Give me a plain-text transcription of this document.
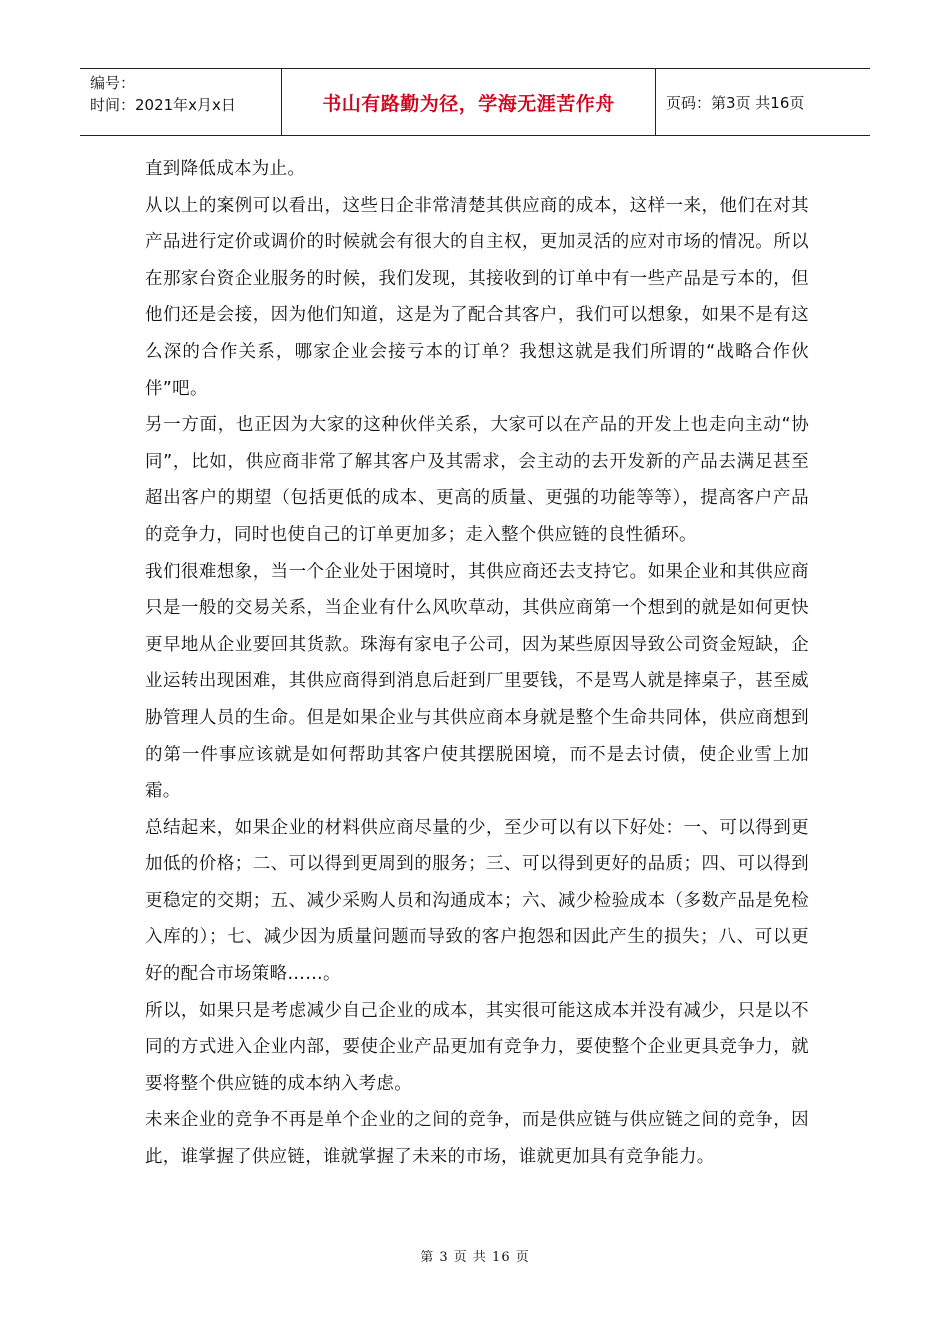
编号：
时间：2021年x月x日	书山有路勤为径，学海无涯苦作舟	页码：第3页 共16页

直到降低成本为止。

从以上的案例可以看出，这些日企非常清楚其供应商的成本，这样一来，他们在对其产品进行定价或调价的时候就会有很大的自主权，更加灵活的应对市场的情况。所以在那家台资企业服务的时候，我们发现，其接收到的订单中有一些产品是亏本的，但他们还是会接，因为他们知道，这是为了配合其客户，我们可以想象，如果不是有这么深的合作关系，哪家企业会接亏本的订单？我想这就是我们所谓的“战略合作伙伴”吧。

另一方面，也正因为大家的这种伙伴关系，大家可以在产品的开发上也走向主动“协同”，比如，供应商非常了解其客户及其需求，会主动的去开发新的产品去满足甚至超出客户的期望（包括更低的成本、更高的质量、更强的功能等等），提高客户产品的竞争力，同时也使自己的订单更加多；走入整个供应链的良性循环。

我们很难想象，当一个企业处于困境时，其供应商还去支持它。如果企业和其供应商只是一般的交易关系，当企业有什么风吹草动，其供应商第一个想到的就是如何更快更早地从企业要回其货款。珠海有家电子公司，因为某些原因导致公司资金短缺，企业运转出现困难，其供应商得到消息后赶到厂里要钱，不是骂人就是摔桌子，甚至威胁管理人员的生命。但是如果企业与其供应商本身就是整个生命共同体，供应商想到的第一件事应该就是如何帮助其客户使其摆脱困境，而不是去讨债，使企业雪上加霜。

总结起来，如果企业的材料供应商尽量的少，至少可以有以下好处：一、可以得到更加低的价格；二、可以得到更周到的服务；三、可以得到更好的品质；四、可以得到更稳定的交期；五、减少采购人员和沟通成本；六、减少检验成本（多数产品是免检入库的）；七、减少因为质量问题而导致的客户抱怨和因此产生的损失；八、可以更好的配合市场策略……。

所以，如果只是考虑减少自己企业的成本，其实很可能这成本并没有减少，只是以不同的方式进入企业内部，要使企业产品更加有竞争力，要使整个企业更具竞争力，就要将整个供应链的成本纳入考虑。

未来企业的竞争不再是单个企业的之间的竞争，而是供应链与供应链之间的竞争，因此，谁掌握了供应链，谁就掌握了未来的市场，谁就更加具有竞争能力。

第 3 页 共 16 页
